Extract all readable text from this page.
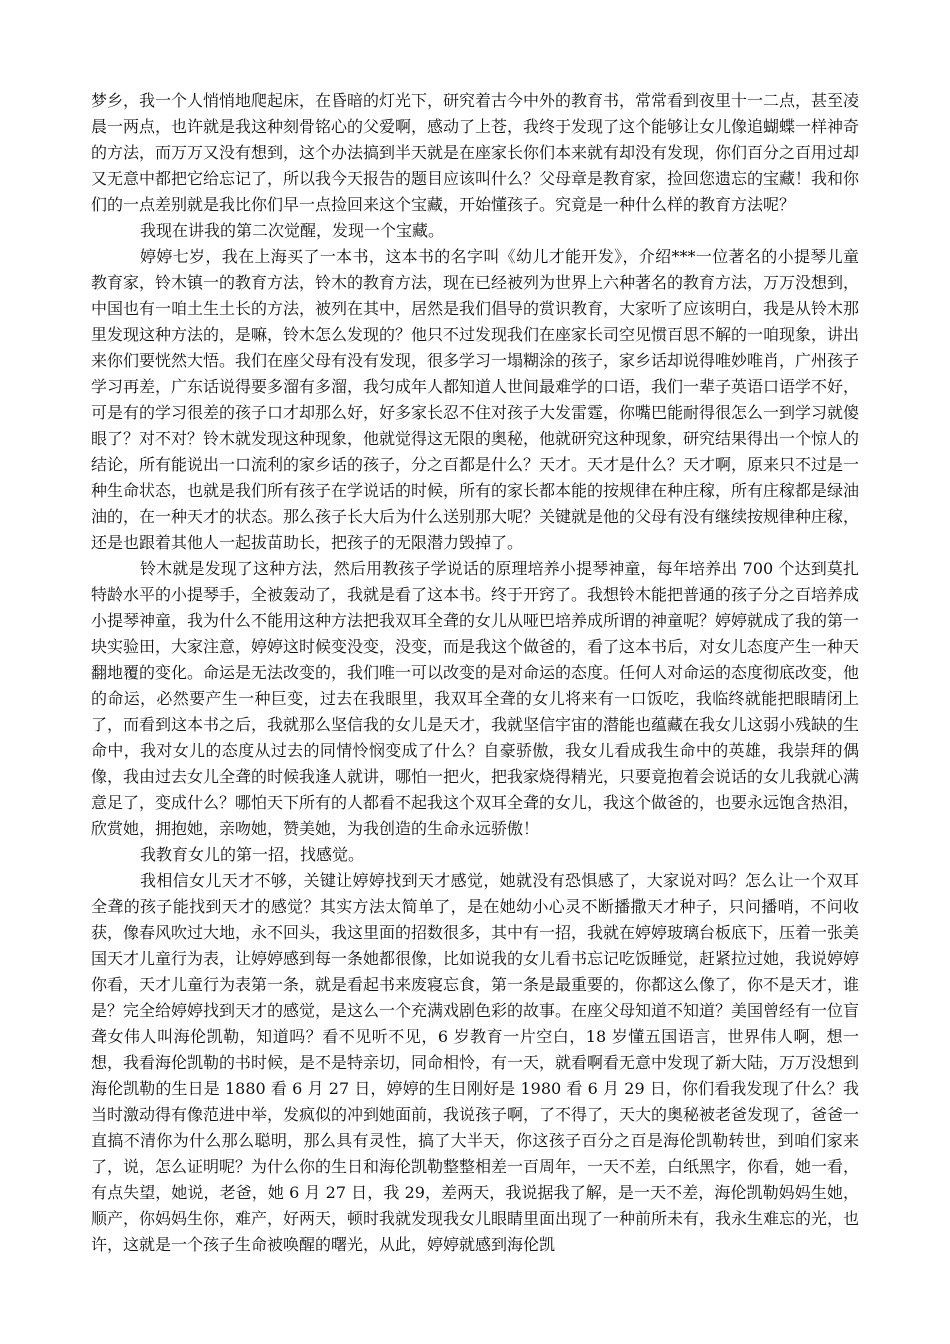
梦乡，我一个人悄悄地爬起床，在昏暗的灯光下，研究着古今中外的教育书，常常看到夜里十一二点，甚至凌晨一两点，也许就是我这种刻骨铭心的父爱啊，感动了上苍，我终于发现了这个能够让女儿像追蝴蝶一样神奇的方法，而万万又没有想到，这个办法搞到半天就是在座家长你们本来就有却没有发现，你们百分之百用过却又无意中都把它给忘记了，所以我今天报告的题目应该叫什么？父母章是教育家，捡回您遗忘的宝藏！我和你们的一点差别就是我比你们早一点捡回来这个宝藏，开始懂孩子。究竟是一种什么样的教育方法呢？

我现在讲我的第二次觉醒，发现一个宝藏。

婷婷七岁，我在上海买了一本书，这本书的名字叫《幼儿才能开发》，介绍***一位著名的小提琴儿童教育家，铃木镇一的教育方法，铃木的教育方法，现在已经被列为世界上六种著名的教育方法，万万没想到，中国也有一咱土生土长的方法，被列在其中，居然是我们倡导的赏识教育，大家听了应该明白，我是从铃木那里发现这种方法的，是嘛，铃木怎么发现的？他只不过发现我们在座家长司空见惯百思不解的一咱现象，讲出来你们要恍然大悟。我们在座父母有没有发现，很多学习一塌糊涂的孩子，家乡话却说得唯妙唯肖，广州孩子学习再差，广东话说得要多溜有多溜，我匀成年人都知道人世间最难学的口语，我们一辈子英语口语学不好，可是有的学习很差的孩子口才却那么好，好多家长忍不住对孩子大发雷霆，你嘴巴能耐得很怎么一到学习就傻眼了？对不对？铃木就发现这种现象，他就觉得这无限的奥秘，他就研究这种现象，研究结果得出一个惊人的结论，所有能说出一口流利的家乡话的孩子，分之百都是什么？天才。天才是什么？天才啊，原来只不过是一种生命状态，也就是我们所有孩子在学说话的时候，所有的家长都本能的按规律在种庄稼，所有庄稼都是绿油油的，在一种天才的状态。那么孩子长大后为什么送别那大呢？关键就是他的父母有没有继续按规律种庄稼，还是也跟着其他人一起拔苗助长，把孩子的无限潜力毁掉了。

铃木就是发现了这种方法，然后用教孩子学说话的原理培养小提琴神童，每年培养出 700 个达到莫扎特龄水平的小提琴手，全被轰动了，我就是看了这本书。终于开窍了。我想铃木能把普通的孩子分之百培养成小提琴神童，我为什么不能用这种方法把我双耳全聋的女儿从哑巴培养成所谓的神童呢？婷婷就成了我的第一块实验田，大家注意，婷婷这时候变没变，没变，而是我这个做爸的，看了这本书后，对女儿态度产生一种天翻地覆的变化。命运是无法改变的，我们唯一可以改变的是对命运的态度。任何人对命运的态度彻底改变，他的命运，必然要产生一种巨变，过去在我眼里，我双耳全聋的女儿将来有一口饭吃，我临终就能把眼睛闭上了，而看到这本书之后，我就那么坚信我的女儿是天才，我就坚信宇宙的潜能也蕴藏在我女儿这弱小残缺的生命中，我对女儿的态度从过去的同情怜悯变成了什么？自豪骄傲，我女儿看成我生命中的英雄，我崇拜的偶像，我由过去女儿全聋的时候我逢人就讲，哪怕一把火，把我家烧得精光，只要竟抱着会说话的女儿我就心满意足了，变成什么？哪怕天下所有的人都看不起我这个双耳全聋的女儿，我这个做爸的，也要永远饱含热泪，欣赏她，拥抱她，亲吻她，赞美她，为我创造的生命永远骄傲！

我教育女儿的第一招，找感觉。

我相信女儿天才不够，关键让婷婷找到天才感觉，她就没有恐惧感了，大家说对吗？怎么让一个双耳全聋的孩子能找到天才的感觉？其实方法太简单了，是在她幼小心灵不断播撒天才种子，只问播哨，不问收获，像春风吹过大地，永不回头，我这里面的招数很多，其中有一招，我就在婷婷玻璃台板底下，压着一张美国天才儿童行为表，让婷婷感到每一条她都很像，比如说我的女儿看书忘记吃饭睡觉，赶紧拉过她，我说婷婷你看，天才儿童行为表第一条，就是看起书来废寝忘食，第一条是最重要的，你都这么像了，你不是天才，谁是？完全给婷婷找到天才的感觉，是这么一个充满戏剧色彩的故事。在座父母知道不知道？美国曾经有一位盲聋女伟人叫海伦凯勒，知道吗？看不见听不见，6 岁教育一片空白，18 岁懂五国语言，世界伟人啊，想一想，我看海伦凯勒的书时候，是不是特亲切，同命相怜，有一天，就看啊看无意中发现了新大陆，万万没想到海伦凯勒的生日是 1880 看 6 月 27 日，婷婷的生日刚好是 1980 看 6 月 29 日，你们看我发现了什么？我当时激动得有像范进中举，发疯似的冲到她面前，我说孩子啊，了不得了，天大的奥秘被老爸发现了，爸爸一直搞不清你为什么那么聪明，那么具有灵性，搞了大半天，你这孩子百分之百是海伦凯勒转世，到咱们家来了，说，怎么证明呢？为什么你的生日和海伦凯勒整整相差一百周年，一天不差，白纸黑字，你看，她一看，有点失望，她说，老爸，她 6 月 27 日，我 29，差两天，我说据我了解，是一天不差，海伦凯勒妈妈生她，顺产，你妈妈生你，难产，好两天，顿时我就发现我女儿眼睛里面出现了一种前所未有，我永生难忘的光，也许，这就是一个孩子生命被唤醒的曙光，从此，婷婷就感到海伦凯
